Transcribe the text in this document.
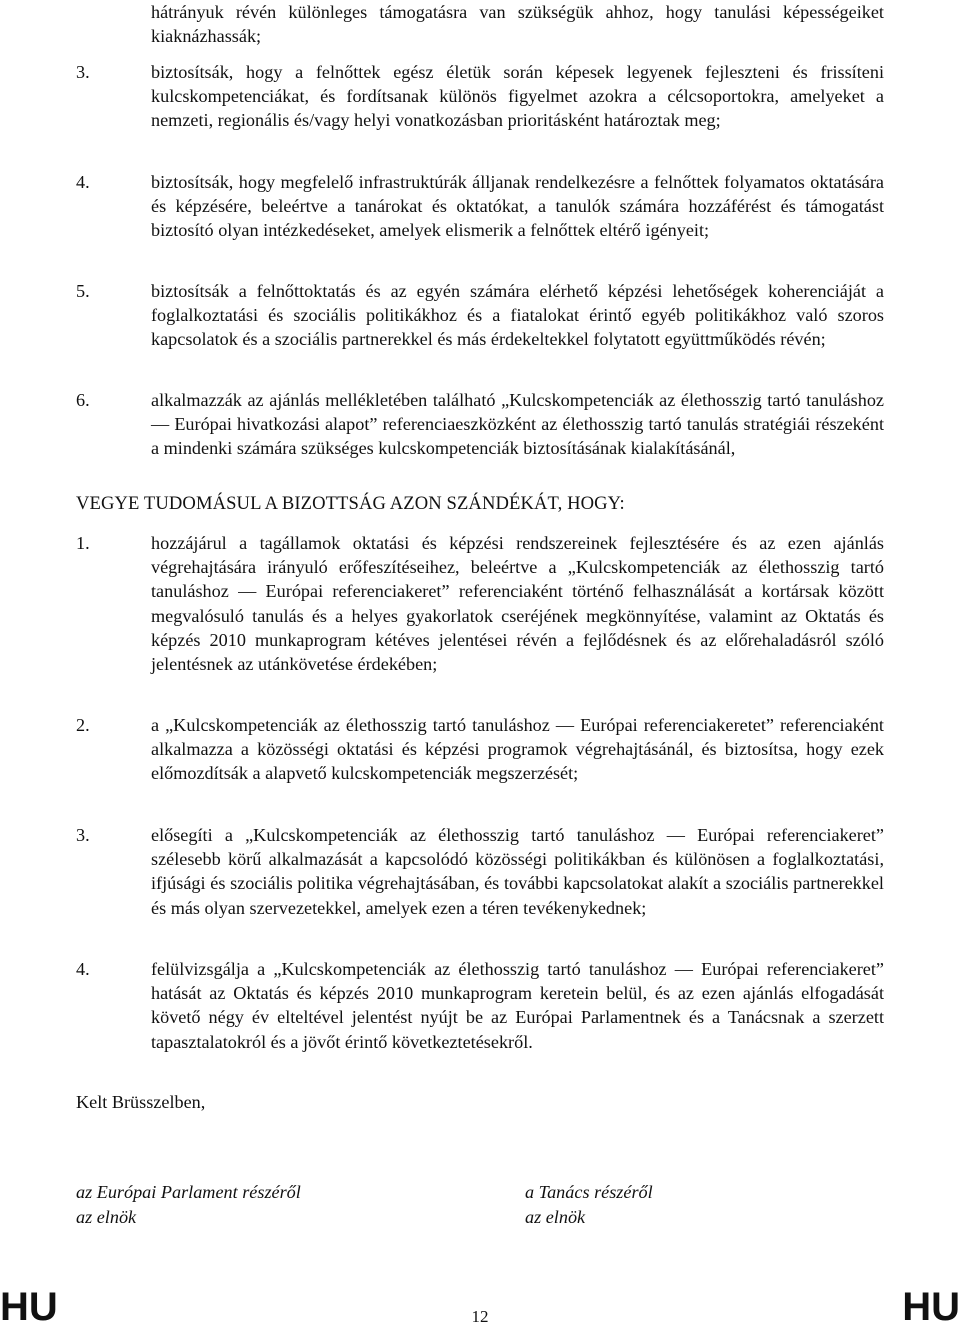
hátrányuk révén különleges támogatásra van szükségük ahhoz, hogy tanulási képességeiket kiaknázhassák;
3.	biztosítsák, hogy a felnőttek egész életük során képesek legyenek fejleszteni és frissíteni kulcskompetenciákat, és fordítsanak különös figyelmet azokra a célcsoportokra, amelyeket a nemzeti, regionális és/vagy helyi vonatkozásban prioritásként határoztak meg;
4.	biztosítsák, hogy megfelelő infrastruktúrák álljanak rendelkezésre a felnőttek folyamatos oktatására és képzésére, beleértve a tanárokat és oktatókat, a tanulók számára hozzáférést és támogatást biztosító olyan intézkedéseket, amelyek elismerik a felnőttek eltérő igényeit;
5.	biztosítsák a felnőttoktatás és az egyén számára elérhető képzési lehetőségek koherenciáját a foglalkoztatási és szociális politikákhoz és a fiatalokat érintő egyéb politikákhoz való szoros kapcsolatok és a szociális partnerekkel és más érdekeltekkel folytatott együttműködés révén;
6.	alkalmazzák az ajánlás mellékletében található „Kulcskompetenciák az élethosszig tartó tanuláshoz ― Európai hivatkozási alapot” referenciaeszközként az élethosszig tartó tanulás stratégiái részeként a mindenki számára szükséges kulcskompetenciák biztosításának kialakításánál,
VEGYE TUDOMÁSUL A BIZOTTSÁG AZON SZÁNDÉKÁT, HOGY:
1.	hozzájárul a tagállamok oktatási és képzési rendszereinek fejlesztésére és az ezen ajánlás végrehajtására irányuló erőfeszítéseihez, beleértve a „Kulcskompetenciák az élethosszig tartó tanuláshoz ― Európai referenciakeret” referenciaként történő felhasználását a kortársak között megvalósuló tanulás és a helyes gyakorlatok cseréjének megkönnyítése, valamint az Oktatás és képzés 2010 munkaprogram kétéves jelentései révén a fejlődésnek és az előrehaladásról szóló jelentésnek az utánkövetése érdekében;
2.	a „Kulcskompetenciák az élethosszig tartó tanuláshoz ― Európai referenciakeretet” referenciaként alkalmazza a közösségi oktatási és képzési programok végrehajtásánál, és biztosítsa, hogy ezek előmozdítsák a alapvető kulcskompetenciák megszerzését;
3.	elősegíti a „Kulcskompetenciák az élethosszig tartó tanuláshoz ― Európai referenciakeret” szélesebb körű alkalmazását a kapcsolódó közösségi politikákban és különösen a foglalkoztatási, ifjúsági és szociális politika végrehajtásában, és további kapcsolatokat alakít a szociális partnerekkel és más olyan szervezetekkel, amelyek ezen a téren tevékenykednek;
4.	felülvizsgálja a „Kulcskompetenciák az élethosszig tartó tanuláshoz ― Európai referenciakeret” hatását az Oktatás és képzés 2010 munkaprogram keretein belül, és az ezen ajánlás elfogadását követő négy év elteltével jelentést nyújt be az Európai Parlamentnek és a Tanácsnak a szerzett tapasztalatokról és a jövőt érintő következtetésekről.
Kelt Brüsszelben,
az Európai Parlament részéről
az elnök
a Tanács részéről
az elnök
HU	12	HU
